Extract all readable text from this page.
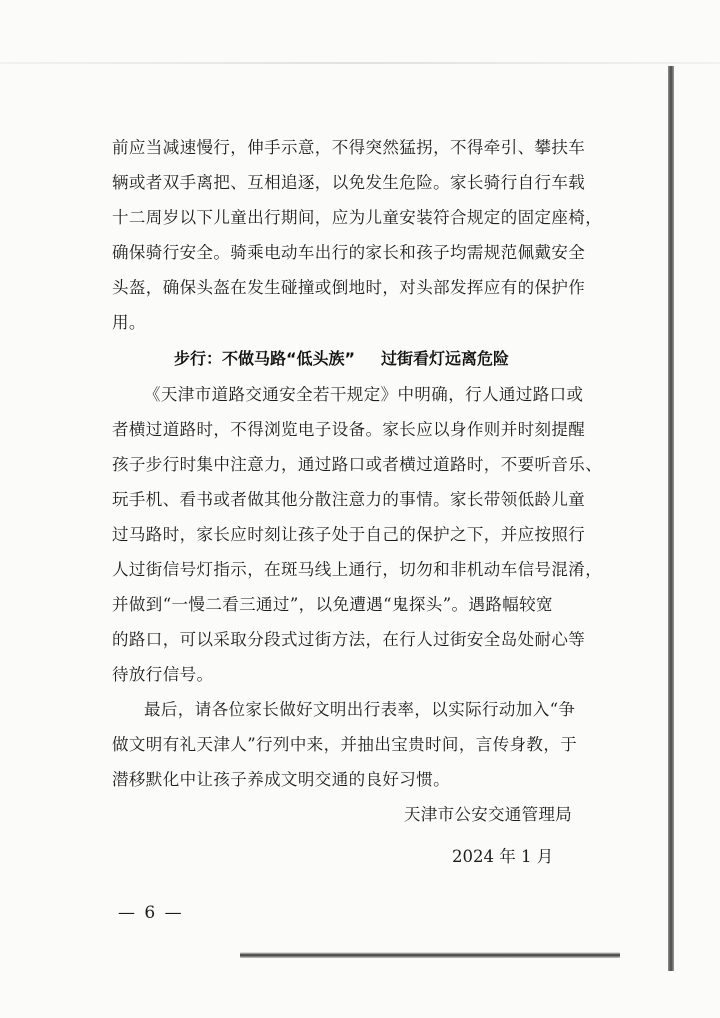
前应当减速慢行，伸手示意，不得突然猛拐，不得牵引、攀扶车
辆或者双手离把、互相追逐，以免发生危险。家长骑行自行车载
十二周岁以下儿童出行期间，应为儿童安装符合规定的固定座椅，
确保骑行安全。骑乘电动车出行的家长和孩子均需规范佩戴安全
头盔，确保头盔在发生碰撞或倒地时，对头部发挥应有的保护作
用。
步行：不做马路“低头族” 过街看灯远离危险
《天津市道路交通安全若干规定》中明确，行人通过路口或
者横过道路时，不得浏览电子设备。家长应以身作则并时刻提醒
孩子步行时集中注意力，通过路口或者横过道路时，不要听音乐、
玩手机、看书或者做其他分散注意力的事情。家长带领低龄儿童
过马路时，家长应时刻让孩子处于自己的保护之下，并应按照行
人过街信号灯指示，在斑马线上通行，切勿和非机动车信号混淆，
并做到“一慢二看三通过”，以免遭遇“鬼探头”。遇路幅较宽
的路口，可以采取分段式过街方法，在行人过街安全岛处耐心等
待放行信号。
最后，请各位家长做好文明出行表率，以实际行动加入“争
做文明有礼天津人”行列中来，并抽出宝贵时间，言传身教，于
潜移默化中让孩子养成文明交通的良好习惯。
天津市公安交通管理局
2024 年 1 月
— 6 —
